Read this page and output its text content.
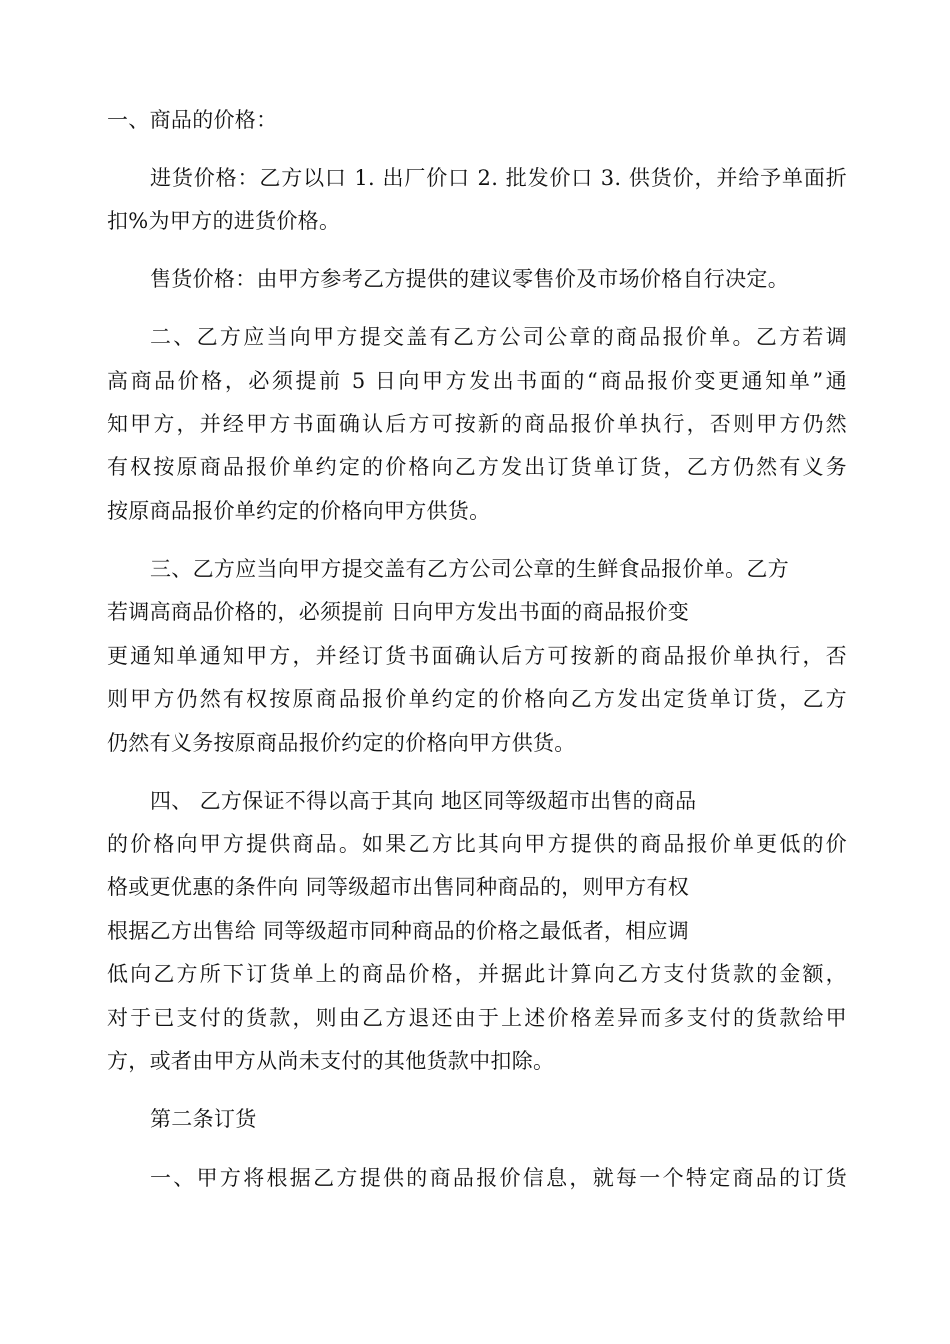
一、商品的价格：
进货价格：乙方以口 1. 出厂价口 2. 批发价口 3. 供货价，并给予单面折
扣%为甲方的进货价格。
售货价格：由甲方参考乙方提供的建议零售价及市场价格自行决定。
二、乙方应当向甲方提交盖有乙方公司公章的商品报价单。乙方若调
高商品价格，必须提前 5 日向甲方发出书面的“商品报价变更通知单”通
知甲方，并经甲方书面确认后方可按新的商品报价单执行，否则甲方仍然
有权按原商品报价单约定的价格向乙方发出订货单订货，乙方仍然有义务
按原商品报价单约定的价格向甲方供货。
三、乙方应当向甲方提交盖有乙方公司公章的生鲜食品报价单。乙方
若调高商品价格的，必须提前 日向甲方发出书面的商品报价变
更通知单通知甲方，并经订货书面确认后方可按新的商品报价单执行，否
则甲方仍然有权按原商品报价单约定的价格向乙方发出定货单订货，乙方
仍然有义务按原商品报价约定的价格向甲方供货。
四、 乙方保证不得以高于其向 地区同等级超市出售的商品
的价格向甲方提供商品。如果乙方比其向甲方提供的商品报价单更低的价
格或更优惠的条件向 同等级超市出售同种商品的，则甲方有权
根据乙方出售给 同等级超市同种商品的价格之最低者，相应调
低向乙方所下订货单上的商品价格，并据此计算向乙方支付货款的金额，
对于已支付的货款，则由乙方退还由于上述价格差异而多支付的货款给甲
方，或者由甲方从尚未支付的其他货款中扣除。
第二条订货
一、甲方将根据乙方提供的商品报价信息，就每一个特定商品的订货
